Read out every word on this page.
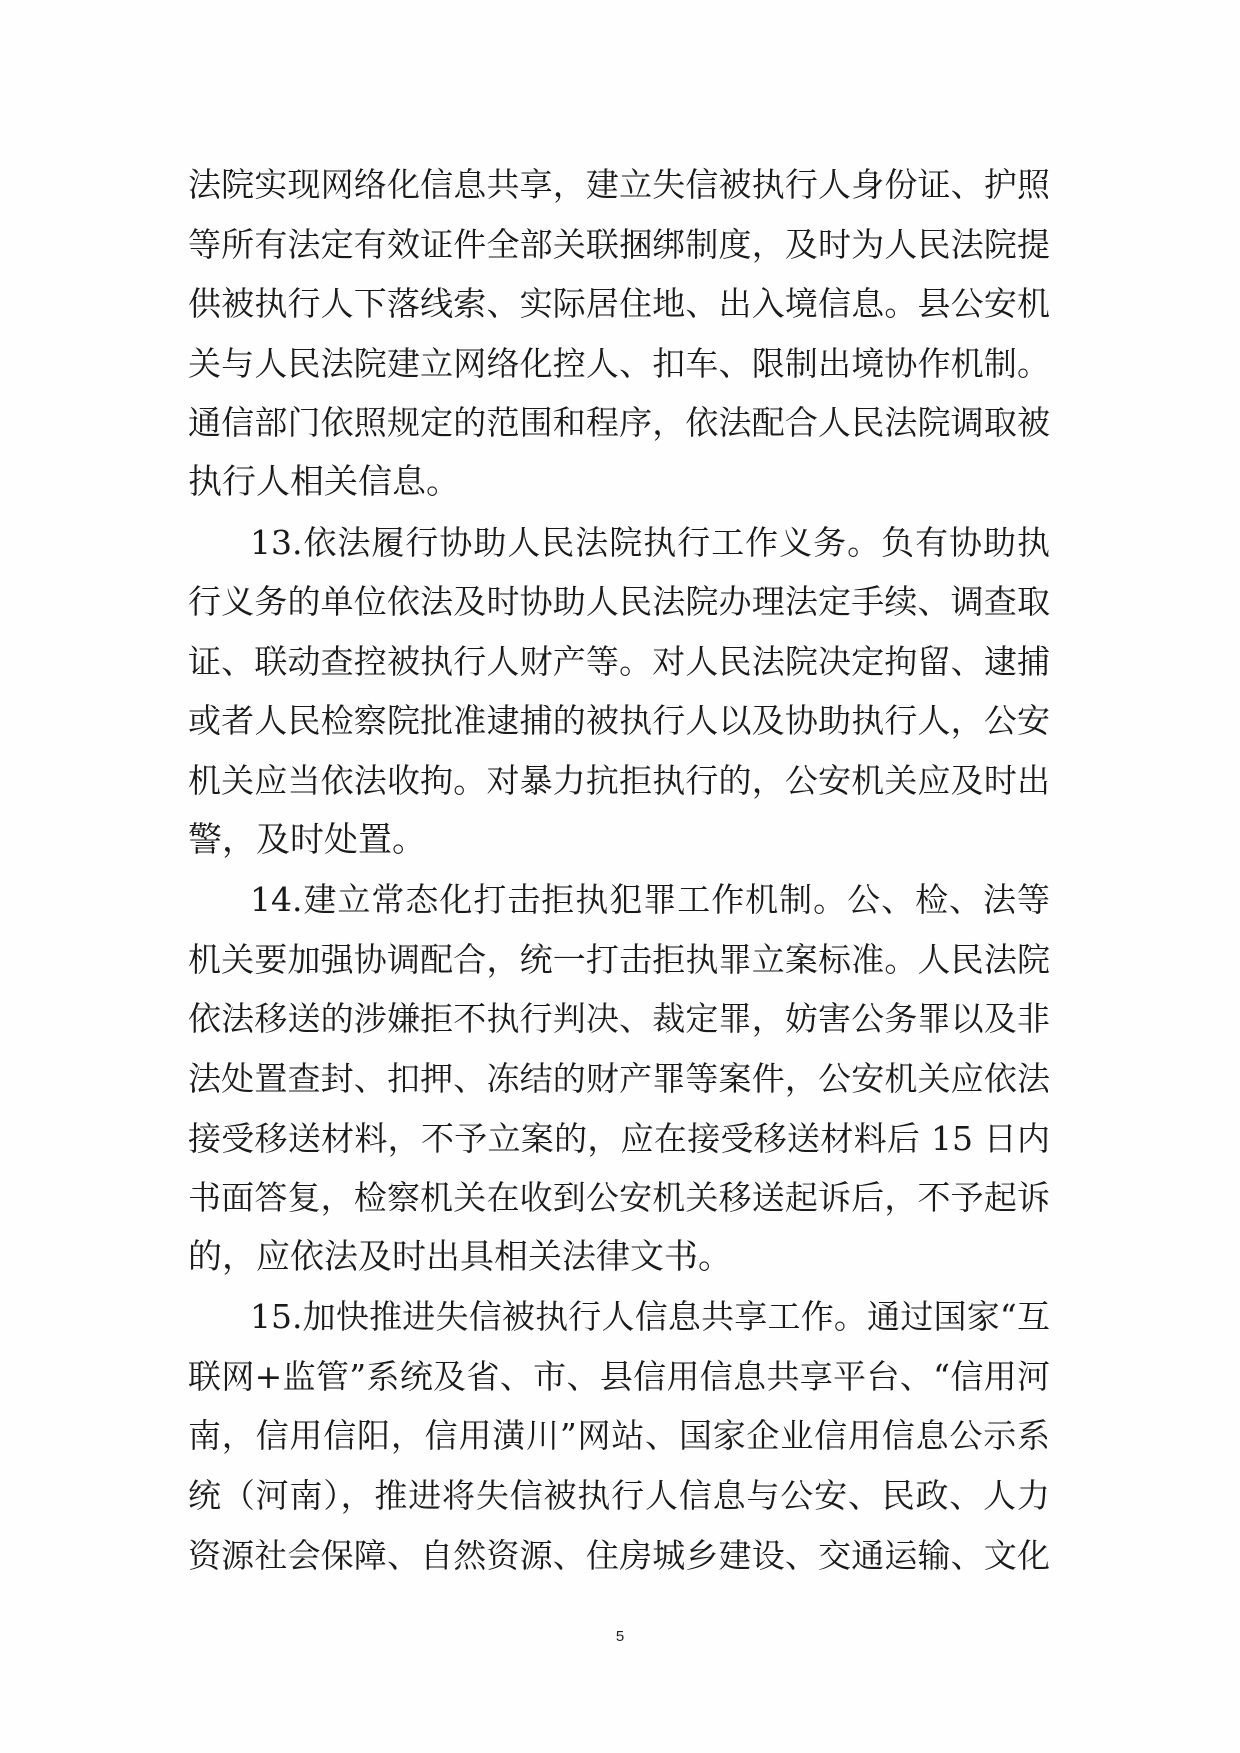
法院实现网络化信息共享，建立失信被执行人身份证、护照
等所有法定有效证件全部关联捆绑制度，及时为人民法院提
供被执行人下落线索、实际居住地、出入境信息。县公安机
关与人民法院建立网络化控人、扣车、限制出境协作机制。
通信部门依照规定的范围和程序，依法配合人民法院调取被
执行人相关信息。
13.依法履行协助人民法院执行工作义务。负有协助执
行义务的单位依法及时协助人民法院办理法定手续、调查取
证、联动查控被执行人财产等。对人民法院决定拘留、逮捕
或者人民检察院批准逮捕的被执行人以及协助执行人，公安
机关应当依法收拘。对暴力抗拒执行的，公安机关应及时出
警，及时处置。
14.建立常态化打击拒执犯罪工作机制。公、检、法等
机关要加强协调配合，统一打击拒执罪立案标准。人民法院
依法移送的涉嫌拒不执行判决、裁定罪，妨害公务罪以及非
法处置查封、扣押、冻结的财产罪等案件，公安机关应依法
接受移送材料，不予立案的，应在接受移送材料后 15 日内
书面答复，检察机关在收到公安机关移送起诉后，不予起诉
的，应依法及时出具相关法律文书。
15.加快推进失信被执行人信息共享工作。通过国家“互
联网+监管”系统及省、市、县信用信息共享平台、“信用河
南，信用信阳，信用潢川”网站、国家企业信用信息公示系
统（河南），推进将失信被执行人信息与公安、民政、人力
资源社会保障、自然资源、住房城乡建设、交通运输、文化
5
